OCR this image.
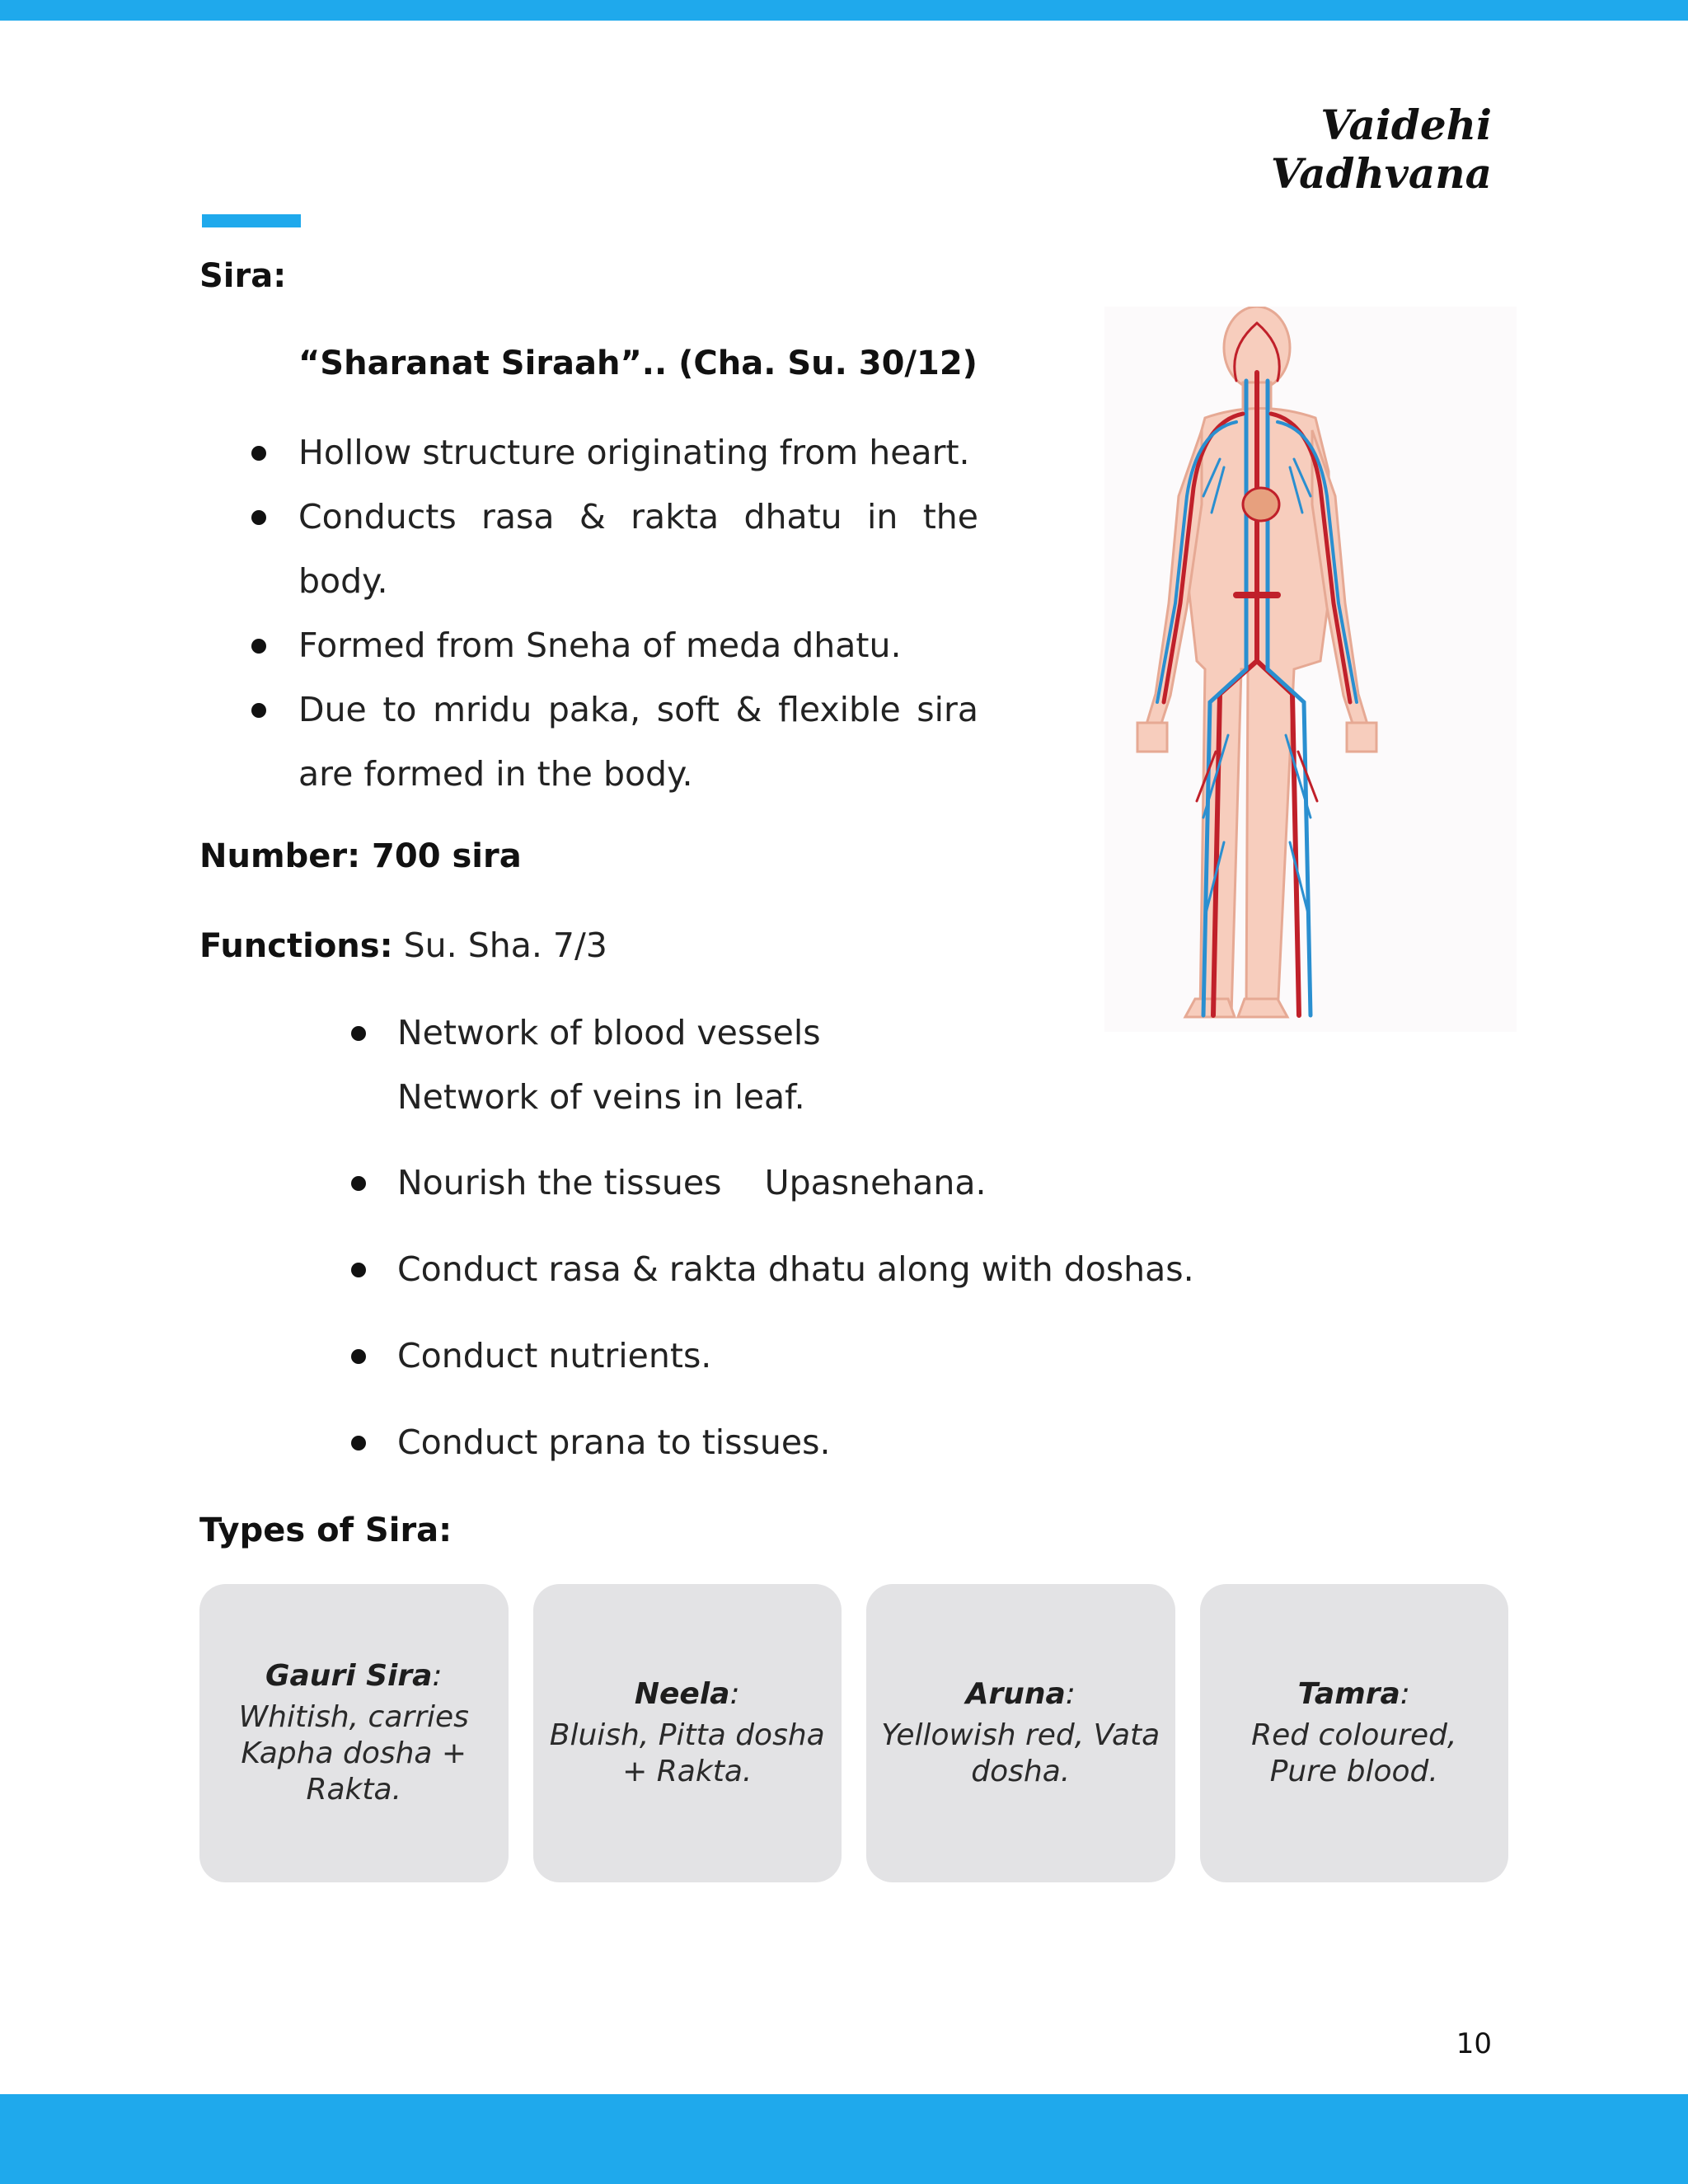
Vaidehi Vadhvana
Sira:
“Sharanat Siraah”.. (Cha. Su. 30/12)
Hollow structure originating from heart.
Conducts rasa & rakta dhatu in the body.
Formed from Sneha of meda dhatu.
Due to mridu paka, soft & flexible sira are formed in the body.
Number: 700 sira
Functions: Su. Sha. 7/3
Network of blood vessels
Network of veins in leaf.
Nourish the tissues    Upasnehana.
Conduct rasa & rakta dhatu along with doshas.
Conduct nutrients.
Conduct prana to tissues.
Types of Sira:
Gauri Sira:
Whitish, carries Kapha dosha + Rakta.
Neela:
Bluish, Pitta dosha + Rakta.
Aruna:
Yellowish red, Vata dosha.
Tamra:
Red coloured, Pure blood.
10
